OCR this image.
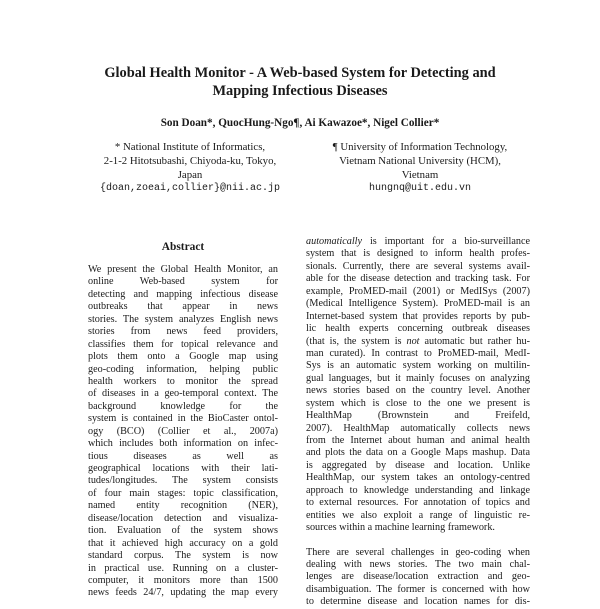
Global Health Monitor - A Web-based System for Detecting and
Mapping Infectious Diseases
Son Doan*, QuocHung-Ngo¶, Ai Kawazoe*, Nigel Collier*
* National Institute of Informatics,
2-1-2 Hitotsubashi, Chiyoda-ku, Tokyo,
Japan
{doan,zoeai,collier}@nii.ac.jp
¶ University of Information Technology,
Vietnam National University (HCM),
Vietnam
hungnq@uit.edu.vn
Abstract
We present the Global Health Monitor, an
online Web-based system for
detecting and mapping infectious disease
outbreaks that appear in news
stories. The system analyzes English news
stories from news feed providers,
classifies them for topical relevance and
plots them onto a Google map using
geo-coding information, helping public
health workers to monitor the spread
of diseases in a geo-temporal context. The
background knowledge for the
system is contained in the BioCaster ontol-
ogy (BCO) (Collier et al., 2007a)
which includes both information on infec-
tious diseases as well as
geographical locations with their lati-
tudes/longitudes. The system consists
of four main stages: topic classification,
named entity recognition (NER),
disease/location detection and visualiza-
tion. Evaluation of the system shows
that it achieved high accuracy on a gold
standard corpus. The system is now
in practical use. Running on a cluster-
computer, it monitors more than 1500
news feeds 24/7, updating the map every
automatically is important for a bio-surveillance
system that is designed to inform health profes-
sionals. Currently, there are several systems avail-
able for the disease detection and tracking task. For
example, ProMED-mail (2001) or MedISys (2007)
(Medical Intelligence System). ProMED-mail is an
Internet-based system that provides reports by pub-
lic health experts concerning outbreak diseases
(that is, the system is not automatic but rather hu-
man curated). In contrast to ProMED-mail, MedI-
Sys is an automatic system working on multilin-
gual languages, but it mainly focuses on analyzing
news stories based on the country level. Another
system which is close to the one we present is
HealthMap (Brownstein and Freifeld,
2007). HealthMap automatically collects news
from the Internet about human and animal health
and plots the data on a Google Maps mashup. Data
is aggregated by disease and location. Unlike
HealthMap, our system takes an ontology-centred
approach to knowledge understanding and linkage
to external resources. For annotation of topics and
entities we also exploit a range of linguistic re-
sources within a machine learning framework.
There are several challenges in geo-coding when
dealing with news stories. The two main chal-
lenges are disease/location extraction and geo-
disambiguation. The former is concerned with how
to determine disease and location names for dis-
